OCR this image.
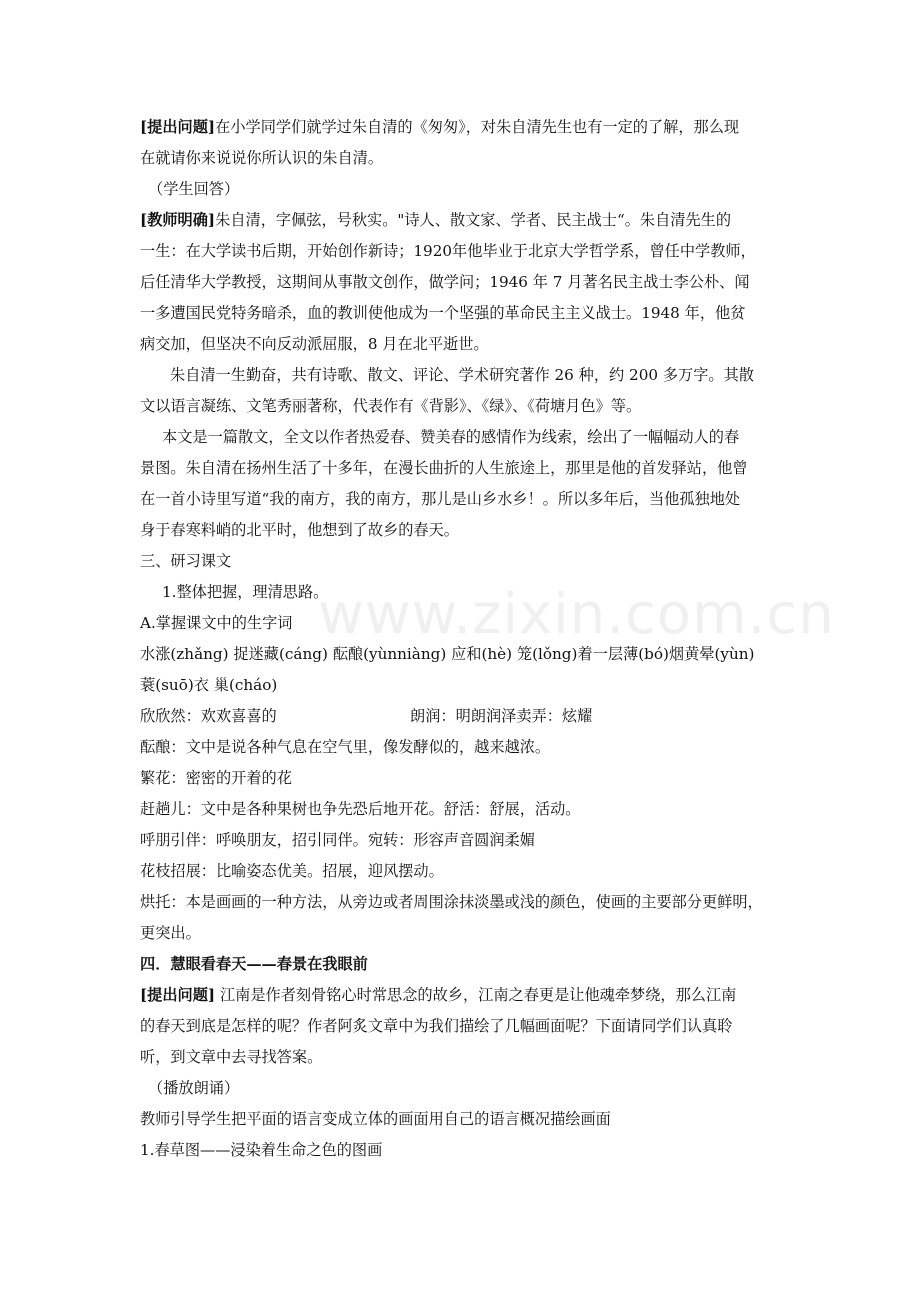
www.zixin.com.cn

[提出问题]在小学同学们就学过朱自清的《匆匆》，对朱自清先生也有一定的了解，那么现

在就请你来说说你所认识的朱自清。

（学生回答）

[教师明确]朱自清，字佩弦，号秋实。"诗人、散文家、学者、民主战士“。朱自清先生的

一生：在大学读书后期，开始创作新诗；1920年他毕业于北京大学哲学系，曾任中学教师，

后任清华大学教授，这期间从事散文创作，做学问；1946 年 7 月著名民主战士李公朴、闻

一多遭国民党特务暗杀，血的教训使他成为一个坚强的革命民主主义战士。1948 年，他贫

病交加，但坚决不向反动派屈服，8 月在北平逝世。

朱自清一生勤奋，共有诗歌、散文、评论、学术研究著作 26 种，约 200 多万字。其散

文以语言凝练、文笔秀丽著称，代表作有《背影》、《绿》、《荷塘月色》等。

本文是一篇散文，全文以作者热爱春、赞美春的感情作为线索，绘出了一幅幅动人的春

景图。朱自清在扬州生活了十多年，在漫长曲折的人生旅途上，那里是他的首发驿站，他曾

在一首小诗里写道“我的南方，我的南方，那儿是山乡水乡！。所以多年后，当他孤独地处

身于春寒料峭的北平时，他想到了故乡的春天。

三、研习课文

1.整体把握，理清思路。

A.掌握课文中的生字词

水涨(zhǎng) 捉迷藏(cáng) 酝酿(yùnniàng) 应和(hè) 笼(lǒng)着一层薄(bó)烟黄晕(yùn)

蓑(suō)衣 巢(cháo)

欣欣然：欢欢喜喜的	朗润：明朗润泽卖弄：炫耀

酝酿：文中是说各种气息在空气里，像发酵似的，越来越浓。

繁花：密密的开着的花

赶趟儿：文中是各种果树也争先恐后地开花。舒活：舒展，活动。

呼朋引伴：呼唤朋友，招引同伴。宛转：形容声音圆润柔媚

花枝招展：比喻姿态优美。招展，迎风摆动。

烘托：本是画画的一种方法，从旁边或者周围涂抹淡墨或浅的颜色，使画的主要部分更鲜明，

更突出。

四．慧眼看春天——春景在我眼前

[提出问题] 江南是作者刻骨铭心时常思念的故乡，江南之春更是让他魂牵梦绕，那么江南

的春天到底是怎样的呢？作者阿炙文章中为我们描绘了几幅画面呢？下面请同学们认真聆

听，到文章中去寻找答案。

（播放朗诵）

教师引导学生把平面的语言变成立体的画面用自己的语言概况描绘画面

1.春草图——浸染着生命之色的图画
